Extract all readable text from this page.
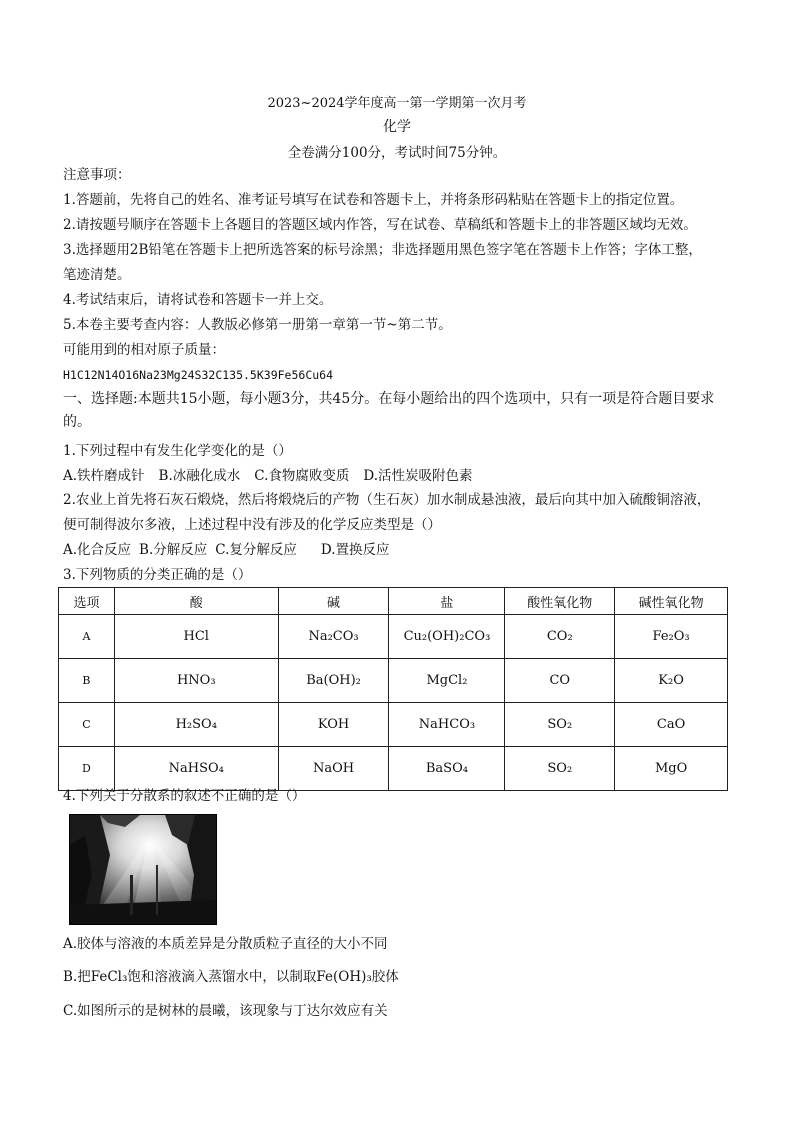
2023~2024学年度高一第一学期第一次月考
化学
全卷满分100分，考试时间75分钟。
注意事项：
1.答题前，先将自己的姓名、准考证号填写在试卷和答题卡上，并将条形码粘贴在答题卡上的指定位置。
2.请按题号顺序在答题卡上各题目的答题区域内作答，写在试卷、草稿纸和答题卡上的非答题区域均无效。
3.选择题用2B铅笔在答题卡上把所选答案的标号涂黑；非选择题用黑色签字笔在答题卡上作答；字体工整，
笔迹清楚。
4.考试结束后，请将试卷和答题卡一并上交。
5.本卷主要考查内容：人教版必修第一册第一章第一节~第二节。
可能用到的相对原子质量：
H1C12N14O16Na23Mg24S32C135.5K39Fe56Cu64
一、选择题:本题共15小题，每小题3分，共45分。在每小题给出的四个选项中，只有一项是符合题目要求
的。
1.下列过程中有发生化学变化的是（）
A.铁杵磨成针 B.冰融化成水 C.食物腐败变质 D.活性炭吸附色素
2.农业上首先将石灰石煅烧，然后将煅烧后的产物（生石灰）加水制成悬浊液，最后向其中加入硫酸铜溶液，
便可制得波尔多液，上述过程中没有涉及的化学反应类型是（）
A.化合反应 B.分解反应 C.复分解反应 D.置换反应
3.下列物质的分类正确的是（）
选项	酸	碱	盐	酸性氧化物	碱性氧化物
A	HCl	Na₂CO₃	Cu₂(OH)₂CO₃	CO₂	Fe₂O₃
B	HNO₃	Ba(OH)₂	MgCl₂	CO	K₂O
C	H₂SO₄	KOH	NaHCO₃	SO₂	CaO
D	NaHSO₄	NaOH	BaSO₄	SO₂	MgO
4.下列关于分散系的叙述不正确的是（）
A.胶体与溶液的本质差异是分散质粒子直径的大小不同
B.把FeCl₃饱和溶液滴入蒸馏水中，以制取Fe(OH)₃胶体
C.如图所示的是树林的晨曦，该现象与丁达尔效应有关
